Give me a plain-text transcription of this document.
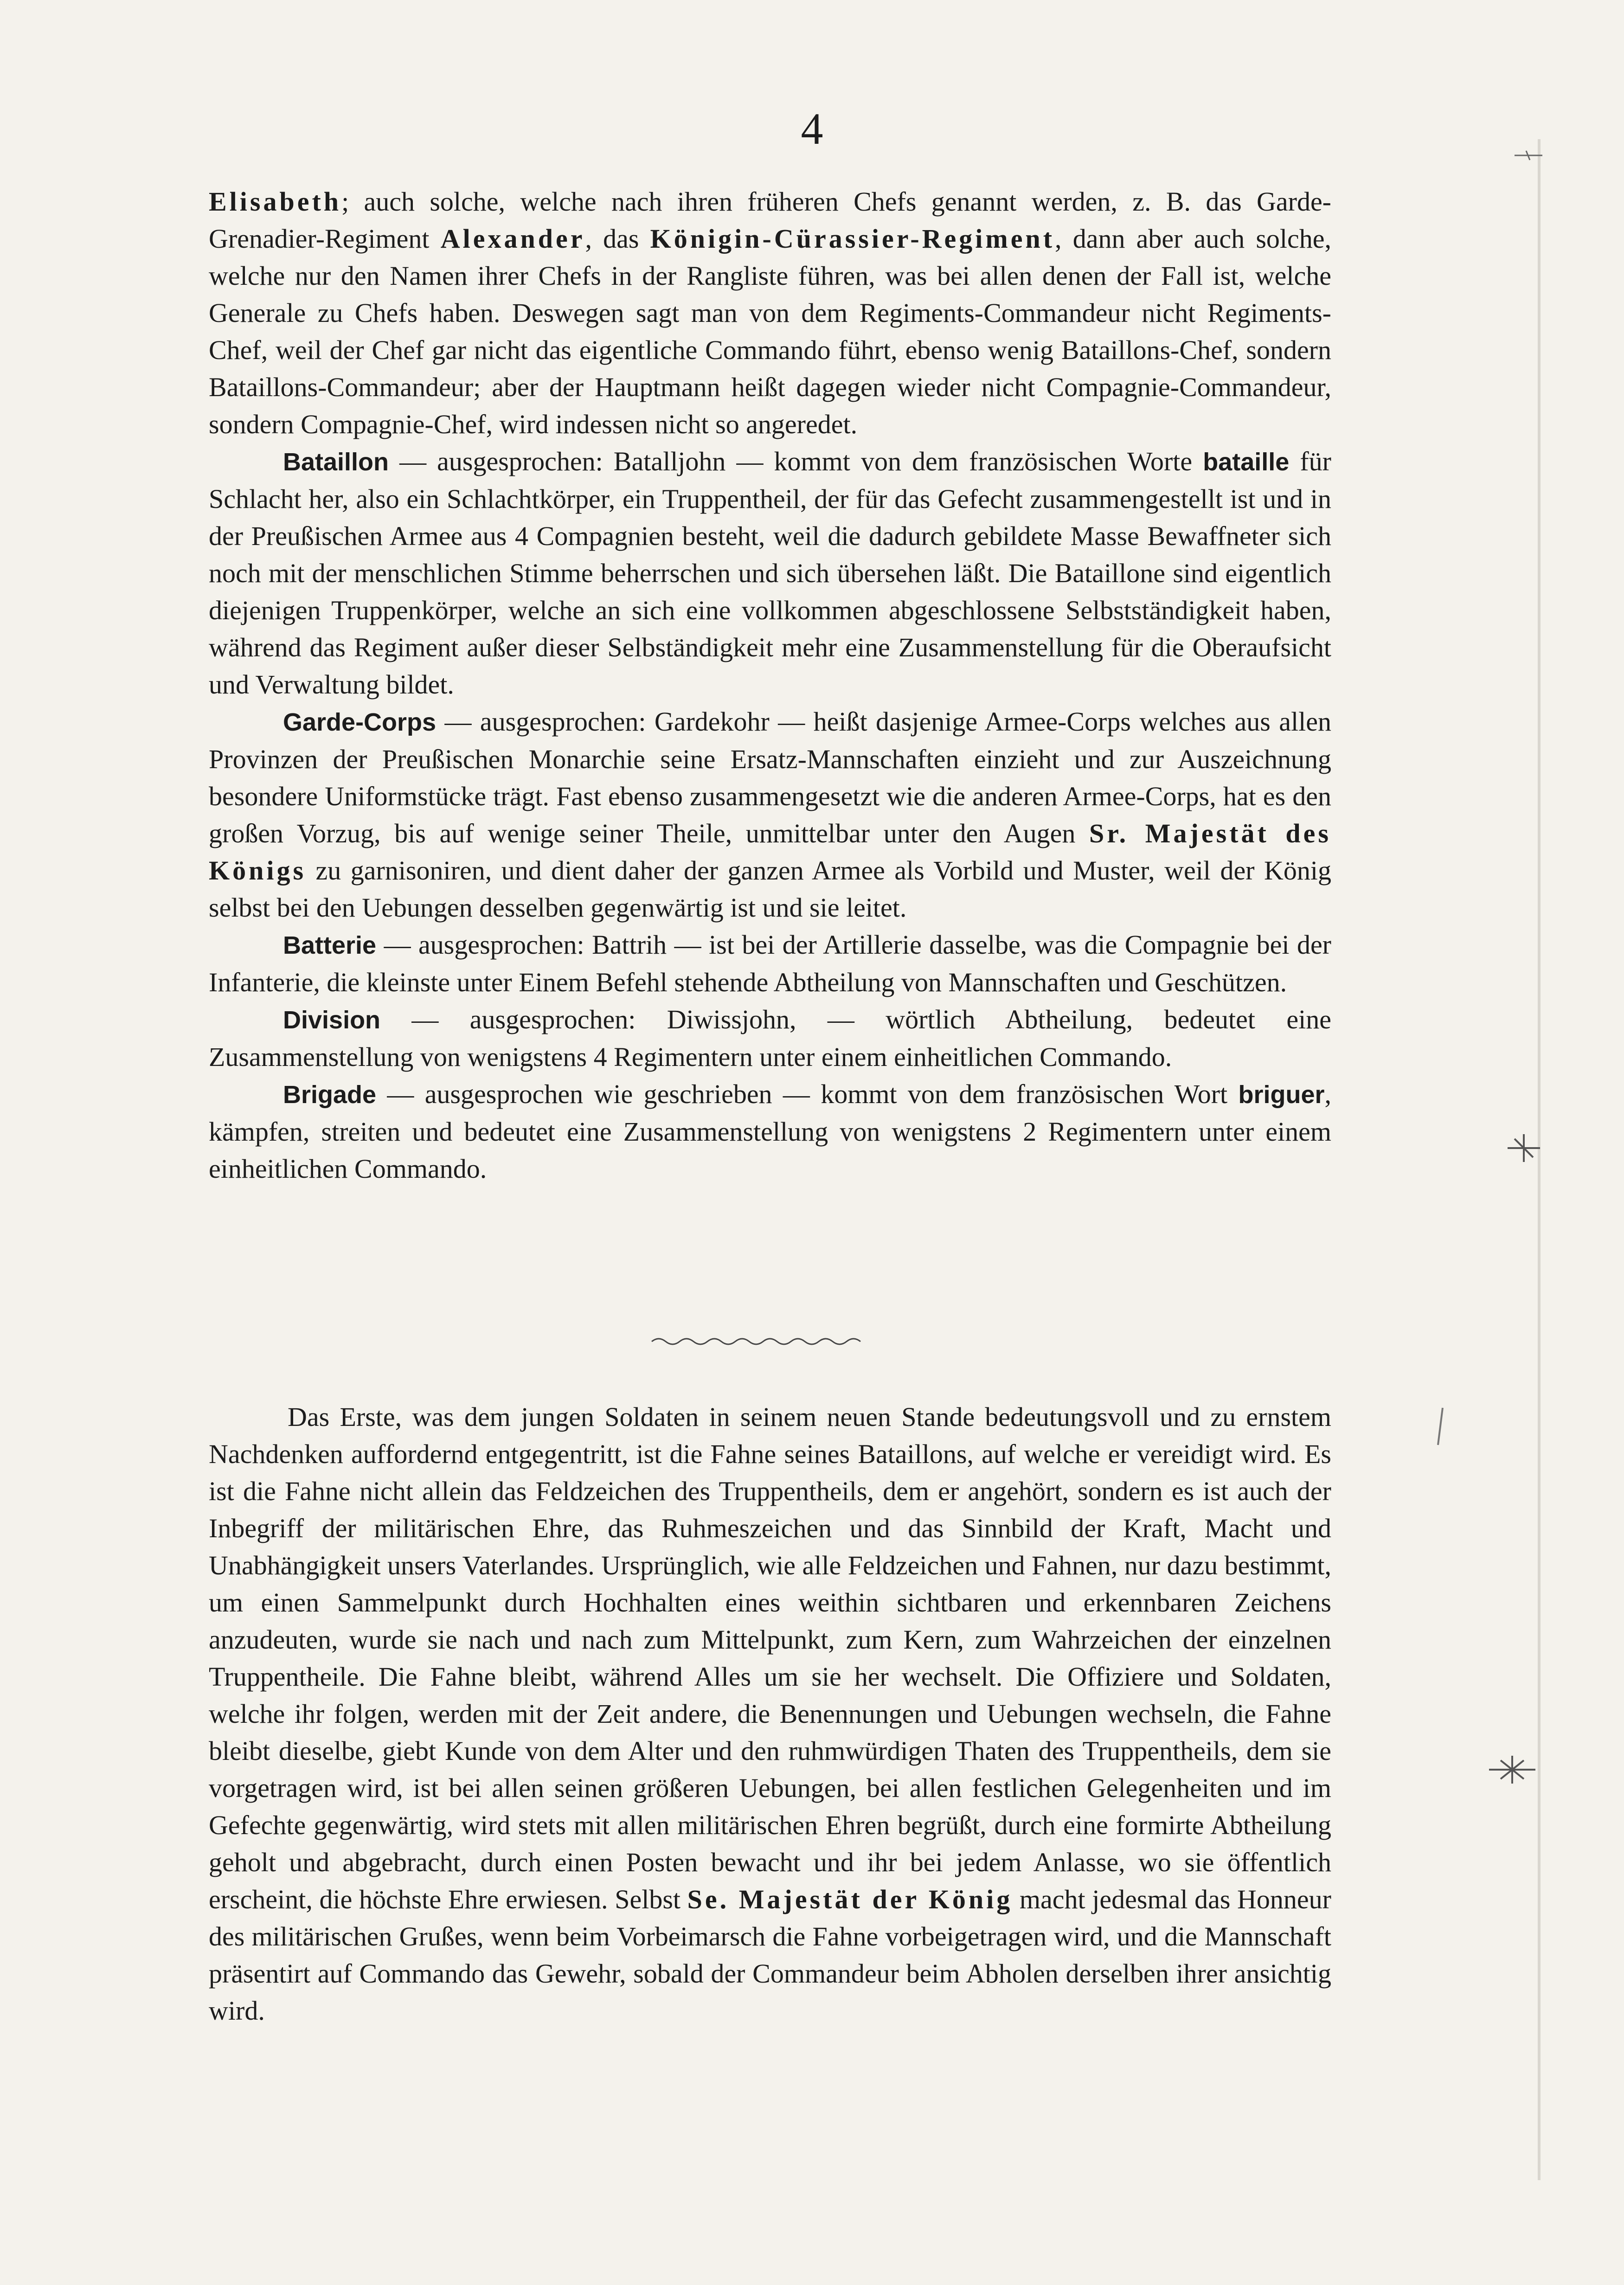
4

Elisabeth; auch solche, welche nach ihren früheren Chefs genannt werden, z. B. das Garde-Grenadier-Regiment Alexander, das Königin-Cürassier-Regiment, dann aber auch solche, welche nur den Namen ihrer Chefs in der Rangliste führen, was bei allen denen der Fall ist, welche Generale zu Chefs haben. Deswegen sagt man von dem Regiments-Commandeur nicht Regiments-Chef, weil der Chef gar nicht das eigentliche Commando führt, ebenso wenig Bataillons-Chef, sondern Bataillons-Commandeur; aber der Hauptmann heißt dagegen wieder nicht Compagnie-Commandeur, sondern Compagnie-Chef, wird indessen nicht so angeredet.

Bataillon — ausgesprochen: Batalljohn — kommt von dem französischen Worte bataille für Schlacht her, also ein Schlachtkörper, ein Truppentheil, der für das Gefecht zusammengestellt ist und in der Preußischen Armee aus 4 Compagnien besteht, weil die dadurch gebildete Masse Bewaffneter sich noch mit der menschlichen Stimme beherrschen und sich übersehen läßt. Die Bataillone sind eigentlich diejenigen Truppenkörper, welche an sich eine vollkommen abgeschlossene Selbstständigkeit haben, während das Regiment außer dieser Selbständigkeit mehr eine Zusammenstellung für die Oberaufsicht und Verwaltung bildet.

Garde-Corps — ausgesprochen: Gardekohr — heißt dasjenige Armee-Corps welches aus allen Provinzen der Preußischen Monarchie seine Ersatz-Mannschaften einzieht und zur Auszeichnung besondere Uniformstücke trägt. Fast ebenso zusammengesetzt wie die anderen Armee-Corps, hat es den großen Vorzug, bis auf wenige seiner Theile, unmittelbar unter den Augen Sr. Majestät des Königs zu garnisoniren, und dient daher der ganzen Armee als Vorbild und Muster, weil der König selbst bei den Uebungen desselben gegenwärtig ist und sie leitet.

Batterie — ausgesprochen: Battrih — ist bei der Artillerie dasselbe, was die Compagnie bei der Infanterie, die kleinste unter Einem Befehl stehende Abtheilung von Mannschaften und Geschützen.

Division — ausgesprochen: Diwissjohn, — wörtlich Abtheilung, bedeutet eine Zusammenstellung von wenigstens 4 Regimentern unter einem einheitlichen Commando.

Brigade — ausgesprochen wie geschrieben — kommt von dem französischen Wort briguer, kämpfen, streiten und bedeutet eine Zusammenstellung von wenigstens 2 Regimentern unter einem einheitlichen Commando.

Das Erste, was dem jungen Soldaten in seinem neuen Stande bedeutungsvoll und zu ernstem Nachdenken auffordernd entgegentritt, ist die Fahne seines Bataillons, auf welche er vereidigt wird. Es ist die Fahne nicht allein das Feldzeichen des Truppentheils, dem er angehört, sondern es ist auch der Inbegriff der militärischen Ehre, das Ruhmeszeichen und das Sinnbild der Kraft, Macht und Unabhängigkeit unsers Vaterlandes. Ursprünglich, wie alle Feldzeichen und Fahnen, nur dazu bestimmt, um einen Sammelpunkt durch Hochhalten eines weithin sichtbaren und erkennbaren Zeichens anzudeuten, wurde sie nach und nach zum Mittelpunkt, zum Kern, zum Wahrzeichen der einzelnen Truppentheile. Die Fahne bleibt, während Alles um sie her wechselt. Die Offiziere und Soldaten, welche ihr folgen, werden mit der Zeit andere, die Benennungen und Uebungen wechseln, die Fahne bleibt dieselbe, giebt Kunde von dem Alter und den ruhmwürdigen Thaten des Truppentheils, dem sie vorgetragen wird, ist bei allen seinen größeren Uebungen, bei allen festlichen Gelegenheiten und im Gefechte gegenwärtig, wird stets mit allen militärischen Ehren begrüßt, durch eine formirte Abtheilung geholt und abgebracht, durch einen Posten bewacht und ihr bei jedem Anlasse, wo sie öffentlich erscheint, die höchste Ehre erwiesen. Selbst Se. Majestät der König macht jedesmal das Honneur des militärischen Grußes, wenn beim Vorbeimarsch die Fahne vorbeigetragen wird, und die Mannschaft präsentirt auf Commando das Gewehr, sobald der Commandeur beim Abholen derselben ihrer ansichtig wird.
